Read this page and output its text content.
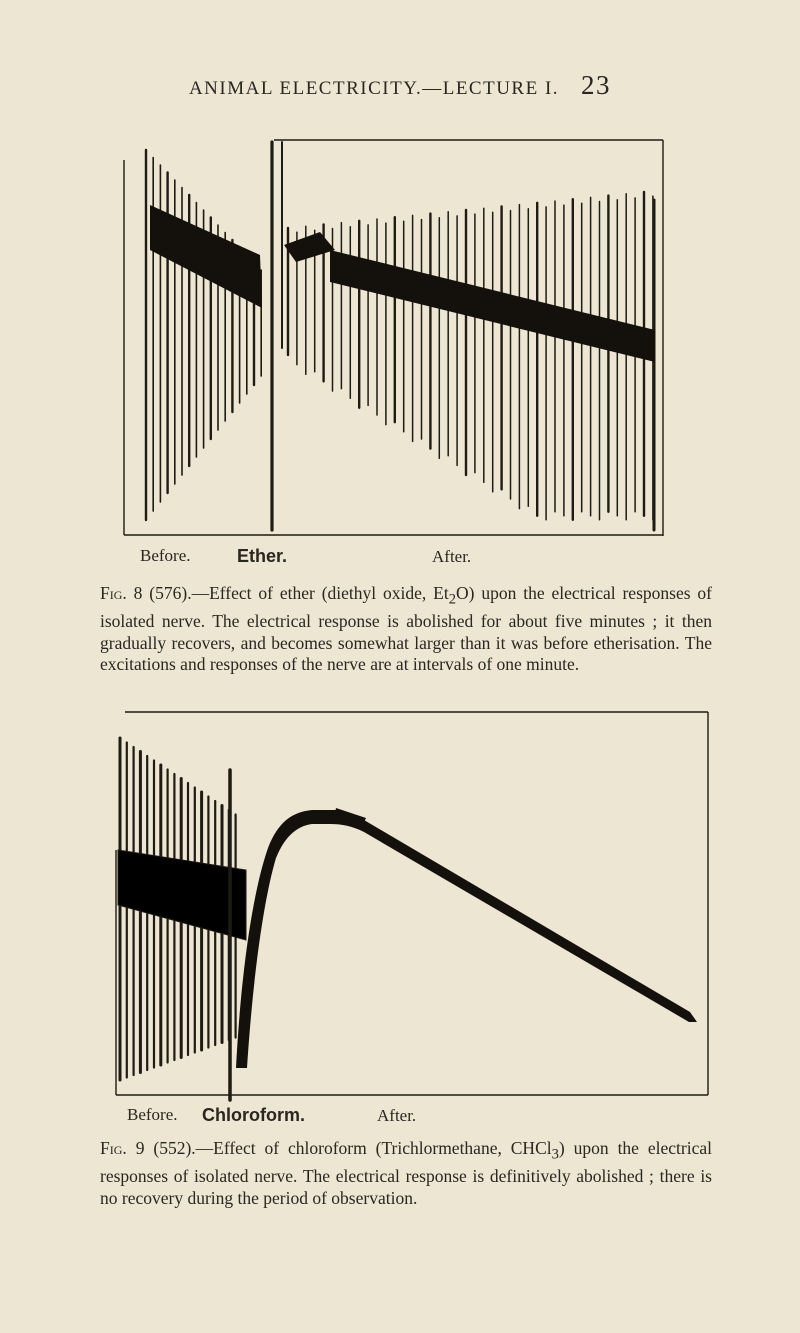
ANIMAL ELECTRICITY.—LECTURE I. 23
Before.	Ether.	After.
Fig. 8 (576).—Effect of ether (diethyl oxide, $Et_2O$) upon the electrical responses of isolated nerve. The electrical response is abolished for about five minutes ; it then gradually recovers, and becomes somewhat larger than it was before etherisation. The excitations and responses of the nerve are at intervals of one minute.
Before. Chloroform.	After.
Fig. 9 (552).—Effect of chloroform (Trichlormethane, CHCl$_3$) upon the electrical responses of isolated nerve. The electrical response is definitively abolished ; there is no recovery during the period of observation.
